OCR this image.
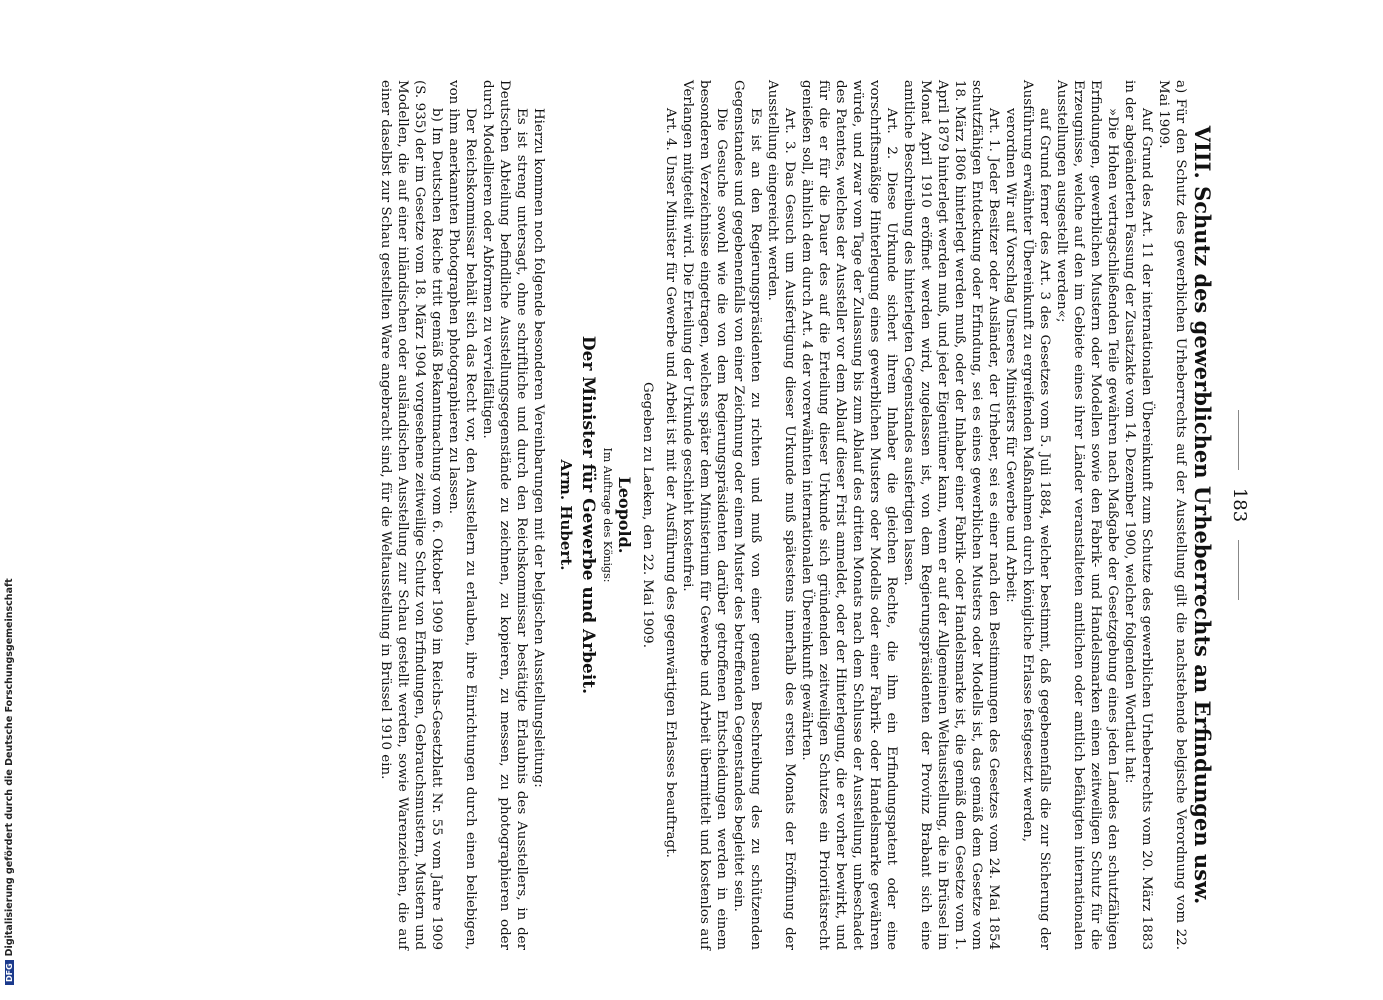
183

VIII. Schutz des gewerblichen Urheberrechts an Erfindungen usw.

a) Für den Schutz des gewerblichen Urheberrechts auf der Ausstellung gilt die nachstehende belgische Verordnung vom 22. Mai 1909.

Auf Grund des Art. 11 der internationalen Übereinkunft zum Schutze des gewerblichen Urheberrechts vom 20. März 1883 in der abgeänderten Fassung der Zusatzakte vom 14. Dezember 1900, welcher folgenden Wortlaut hat:

»Die Hohen vertragschließenden Teile gewähren nach Maßgabe der Gesetzgebung eines jeden Landes den schutzfähigen Erfindungen, gewerblichen Mustern oder Modellen sowie den Fabrik- und Handelsmarken einen zeitweiligen Schutz für die Erzeugnisse, welche auf den im Gebiete eines ihrer Länder veranstalteten amtlichen oder amtlich befähigten internationalen Ausstellungen ausgestellt werden«;

auf Grund ferner des Art. 3 des Gesetzes vom 5. Juli 1884, welcher bestimmt, daß gegebenenfalls die zur Sicherung der Ausführung erwähnter Übereinkunft zu ergreifenden Maßnahmen durch königliche Erlasse festgesetzt werden,

verordnen Wir auf Vorschlag Unseres Ministers für Gewerbe und Arbeit:

Art. 1. Jeder Besitzer oder Ausländer, der Urheber, sei es einer nach den Bestimmungen des Gesetzes vom 24. Mai 1854 schutzfähigen Entdeckung oder Erfindung, sei es eines gewerblichen Musters oder Modells ist, das gemäß dem Gesetze vom 18. März 1806 hinterlegt werden muß, oder der Inhaber einer Fabrik- oder Handelsmarke ist, die gemäß dem Gesetze vom 1. April 1879 hinterlegt werden muß, und jeder Eigentümer kann, wenn er auf der Allgemeinen Weltausstellung, die in Brüssel im Monat April 1910 eröffnet werden wird, zugelassen ist, von dem Regierungspräsidenten der Provinz Brabant sich eine amtliche Beschreibung des hinterlegten Gegenstandes ausfertigen lassen.

Art. 2. Diese Urkunde sichert ihrem Inhaber die gleichen Rechte, die ihm ein Erfindungspatent oder eine vorschriftsmäßige Hinterlegung eines gewerblichen Musters oder Modells oder einer Fabrik- oder Handelsmarke gewähren würde, und zwar vom Tage der Zulassung bis zum Ablauf des dritten Monats nach dem Schlusse der Ausstellung, unbeschadet des Patentes, welches der Aussteller vor dem Ablauf dieser Frist anmeldet, oder der Hinterlegung, die er vorher bewirkt, und für die er für die Dauer des auf die Erteilung dieser Urkunde sich gründenden zeitweiligen Schutzes ein Prioritätsrecht genießen soll, ähnlich dem durch Art. 4 der vorerwähnten internationalen Übereinkunft gewährten.

Art. 3. Das Gesuch um Ausfertigung dieser Urkunde muß spätestens innerhalb des ersten Monats der Eröffnung der Ausstellung eingereicht werden.

Es ist an den Regierungspräsidenten zu richten und muß von einer genauen Beschreibung des zu schützenden Gegenstandes und gegebenenfalls von einer Zeichnung oder einem Muster des betreffenden Gegenstandes begleitet sein.

Die Gesuche sowohl wie die von dem Regierungspräsidenten darüber getroffenen Entscheidungen werden in einem besonderen Verzeichnisse eingetragen, welches später dem Ministerium für Gewerbe und Arbeit übermittelt und kostenlos auf Verlangen mitgeteilt wird. Die Erteilung der Urkunde geschieht kostenfrei.

Art. 4. Unser Minister für Gewerbe und Arbeit ist mit der Ausführung des gegenwärtigen Erlasses beauftragt.

Gegeben zu Laeken, den 22. Mai 1909.

Leopold.

Im Auftrage des Königs:

Der Minister für Gewerbe und Arbeit.

Arm. Hubert.

Hierzu kommen noch folgende besonderen Vereinbarungen mit der belgischen Ausstellungsleitung:

Es ist streng untersagt, ohne schriftliche und durch den Reichskommissar bestätigte Erlaubnis des Ausstellers, in der Deutschen Abteilung befindliche Ausstellungsgegenstände zu zeichnen, zu kopieren, zu messen, zu photographieren oder durch Modellieren oder Abformen zu vervielfältigen.

Der Reichskommissar behält sich das Recht vor, den Ausstellern zu erlauben, ihre Einrichtungen durch einen beliebigen, von ihm anerkannten Photographen photographieren zu lassen.

b) Im Deutschen Reiche tritt gemäß Bekanntmachung vom 6. Oktober 1909 im Reichs-Gesetzblatt Nr. 55 vom Jahre 1909 (S. 935) der im Gesetze vom 18. März 1904 vorgesehene zeitweilige Schutz von Erfindungen, Gebrauchsmustern, Mustern und Modellen, die auf einer inländischen oder ausländischen Ausstellung zur Schau gestellt werden, sowie Warenzeichen, die auf einer daselbst zur Schau gestellten Ware angebracht sind, für die Weltausstellung in Brüssel 1910 ein.

DFGDigitalisierung gefördert durch die Deutsche Forschungsgemeinschaft
